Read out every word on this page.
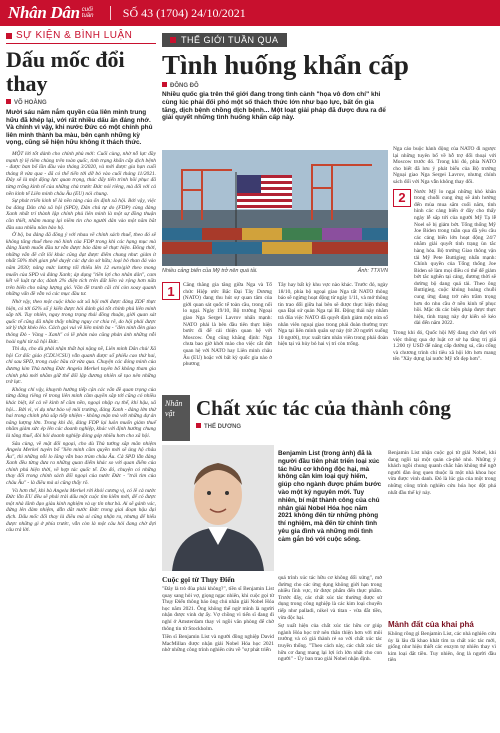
Nhân Dân cuối tuần	SỐ 43 (1704) 24/10/2021
SỰ KIỆN & BÌNH LUẬN
Dấu mốc đổi thay
VÕ HOÀNG
Mười sáu năm nắm quyền của liên minh trung hữu đã khép lại, với rất nhiều dấu ấn đáng nhớ. Và chính vì vậy, khi nước Đức có một chính phủ liên minh thành ba màu, bên cạnh những kỳ vọng, cũng sẽ hiện hữu không ít thách thức.

MỘT lời tốt dành cho chính phủ mới: Cuối cùng, nhờ nỗ lực đầy mạnh tỷ lệ tiêm chủng trên toàn quốc, tình trạng khẩn cấp dịch bệnh - được ban bố lần đầu vào tháng 3/2020, và mới được gia hạn cuối tháng 8 vừa qua - đã có thể tiến tới dỡ bỏ vào cuối tháng 11/2021. Đây sẽ là một động lực quan trọng, thúc đẩy tiến trình hồi phục đã từng trống kinh tế của những chủ trước Đức nói riêng, mà đối với cả nền kinh tế Liên minh châu Âu (EU) nói chung.

Sự phát triển kinh tế là nền tảng của ổn định xã hội. Bởi vậy, việc ba đảng Dân chủ xã hội (SPD), Dân chủ tự do (FDP) cùng đảng Xanh nhất trí thành lập chính phủ liên minh là một sự đồng thuận cần thiết, nhằm mang lại niềm tin cho người dân vào một năm bắt đầu sau nhiều năm bảo hộ.

Ở bộ, ba đảng đã đồng ý với nhau về chính sách thuế, theo đó sẽ không tăng thuế theo mô hình của FDP trong khi các hạng mục mà đảng Xanh muốn đầu tư vẫn được bảo đảm sẽ thực hiện. Đồng thời, những vấn đề cốt lõi khác cũng đạt được điểm chung như: giảm ít nhất 50% thời gian phê duyệt các dự án sở hữu; loại bỏ than đá vào năm 2030; nâng mức lương tối thiểu lên 12 euro/giờ theo mong muốn của SPD và đảng Xanh; áp dụng "tiền lợi cho nhân dân", cam kết về luật tự do; dành 2% diện tích trên đất liền và rộng hơn nữa trên biển cho năng lượng gió. Văn đề tranh cãi chỉ còn xoay quanh những vấn đề vẫn vá các mục đầu tư.

Nhờ vậy, theo một cuộc khảo sát xã hội mới được đảng ZDF thực hiện, có tới 62% số ý kiến được hỏi đánh giá tốt chính phủ liên minh sắp tới. Tuy nhiên, ngay trong trạng thái đồng thuận, giới quan sát quốc tế cũng đã nhận thấy những nguy cơ chia rẽ, do hội phải được xử lý thật khéo léo. Cách gọi vui về liên minh ba - "đèn ninh đèn giao thông Đỏ - Vàng - Xanh" có lẽ phản nào cũng phản ánh những nỗi hoài nghi từ xã hội Đức.

Thì dụ, cho dù phải nhận thất bại nặng nề, Liên minh Dân chủ/ Xã hội Cơ đốc giáo (CDU/CSU) vẫn quanh được số phiếu cao thứ hai, chỉ sau SPD, trong cuộc bầu cử vừa qua. Chuyện các đóng minh của đương kim Thủ tướng Đức Angela Merkel tuyên bố không tham gia chính phủ mới nhằm giữ thế đối lập đương nhiên sẽ tạo nên những trở lực.

Không chỉ vậy, khuynh hướng tiếp cận các vấn đề quan trọng của từng đảng riêng rẽ trong liên minh cầm quyền sắp tới cũng có nhiều khác biệt, kể cả về kinh tế cầm nền, ngoại nhập cụ thể, khí hậu, xã hội... Bởi vì, ví dụ như bảo vệ môi trường, đảng Xanh - đảng lớn thứ hai trong chính phủ sắp tiếp nhiệm - không mặn mà với những dự án năng lượng lớn. Trong khi đó, đảng FDP lại luôn muốn giảm thuế nhằm giảm sức ép lên các doanh nghiệp, khác với định hướng chung là tăng thuế, đòi hỏi doanh nghiệp đóng góp nhiều hơn cho xã hội.

Sâu cùng, về mặt đối ngoại, cho dù Thủ tướng sắp mãn nhiệm Angela Merkel tuyên bố "liên minh cầm quyền mới sẽ ủng hộ châu Âu", thì những nỗi lo lắng vẫn bao trùm châu Âu. Cả SPD lẫn đảng Xanh đều từng đưa ra những quan điểm khác so với quan điểm của chính phủ hiện thời, về hợp tác quốc tế. Do đó, chuyện có những thay đổi trong chính sách đối ngoại của nước Đức - "trái tim của châu Âu" - là điều mà ai cũng thấy rõ.

Và hơn thế, khi bà Angela Merkel rời khỏi cương vị, có lẽ cả nước Đức lẫn EU đều sẽ phải trải dấu một cuộc tìm kiếm mới, để có được một nhà lãnh đạo giàu kinh nghiệm và uy tín như bà. Ai sẽ gánh vác, đứng lên đảm nhiệm, dẫn dắt nước Đức trong giai đoạn hậu đại dịch. Dấu mốc đổi thay là điều mà ai cũng nhận ra, nhưng để hiểu được những gì ở phía trước, vẫn còn là một câu hỏi đang chờ đợi câu trả lời.

THẾ GIỚI TUẦN QUA
Tình huống khẩn cấp
ĐÔNG ĐÔ
Nhiều quốc gia trên thế giới đang trong tình cảnh "họa vô đơn chí" khi cùng lúc phải đối phó một số thách thức lớn như bạo lực, bất ổn gia tăng, dịch bệnh chồng dịch bệnh... Một loạt giải pháp đã được đưa ra để giải quyết những tình huống khẩn cấp này.
Nhiều cảng biển của Mỹ trở nên quá tải.	Ảnh: TTXVN
1	Căng thẳng gia tăng giữa Nga và Tổ chức Hiệp ước Bắc Đại Tây Dương (NATO) đang thu hút sự quan tâm của giới quan sát quốc tế toàn cầu, trong nối lo ngại. Ngày 19/10, Bộ trưởng Ngoại giao Nga Sergei Lavrov nhấn mạnh: NATO phải là bên đầu tiên thực hiện bước đi để cải thiện quan hệ với Moscow. Ông cũng khẳng định: Nga chưa bao giờ khởi mào cho việc cắt đứt quan hệ với NATO hay Liên minh châu Âu (EU) hoặc với bất kỳ quốc gia nào ở phương
Tây hay bất kỳ khu vực nào khác. Trước đó, ngày 18/10, phía bộ ngoại giao Nga tất NATO thông báo sẽ ngừng hoạt động từ ngày 1/11, và mở thông tin trao đổi giữa hai bên sẽ được thực hiện thông qua Đại sứ quán Nga tại Bỉ. Động thái này nhằm trả đũa việc NATO đã quyết định giảm một nửa số nhân viên ngoại giao trong phái đoàn thường trực Nga tại liên minh quân sự này (từ 20 người xuống 10 người), trục xuất tám nhân viên trong phái đoàn hiện tại và hủy bỏ hai vị trí còn trống.
Nga cáo buộc hành động của NATO đi ngược lại những tuyên bố về hỗ trợ đối thoại với Moscow trước đó. Trong khi đó, phía NATO cho biết đã lưu ý phát biểu của Bộ trưởng Ngoại giao Nga Sergei Lavrov, nhưng chính sách đối với Nga vẫn không thay đổi.
2	Nước Mỹ lo ngại những khó khăn trong chuỗi cung ứng sẽ ảnh hưởng đến mùa mua sắm cuối năm, tình hình các cảng biển ở đây cho thấy ngày lễ sắp tới của người Mỹ Tạ lễ Noel sẽ bị giảm bớt. Tổng thống Mỹ Joe Biden trong tuần qua đã yêu cầu các cảng biển lớn hoạt động 24/7 nhằm giải quyết tình trạng ùn tắc hàng hóa. Bộ trưởng Giao thông vận tải Mỹ Pete Buttigieg nhấn mạnh: Chính quyền của Tổng thống Joe Biden sẽ làm mọi điều có thể để giảm bớt tắc nghẽn tại cảng, đương thời sẽ dường bộ dang quá tải. Theo ông Buttigieg, cuộc khủng hoảng chuỗi cung ứng đang trở nên trầm trọng hơn do nhu cầu ở nền kinh tế phục hồi. Mặc dù các biện pháp được thực hiện, tình trạng này dự kiến sẽ kéo dài đến năm 2022.
Trong khi đó, Quốc hội Mỹ đang chờ đợi với việc thông qua dự luật cơ sở hạ tầng trị giá 1.200 tỷ USD để nâng cấp đường sá, cầu cống và chương trình chi tiêu xã hội lớn hơn mang tên "Xây dựng lại nước Mỹ tốt đẹp hơn".
Nhân vật	Chất xúc tác của thành công
THẾ DƯƠNG
Benjamin List (trong ảnh) đã là người đầu tiên phát triển loại xúc tác hữu cơ không độc hại, mà không cần kim loại quý hiếm, giúp cho ngành được phẩm bước vào một kỷ nguyên mới. Tuy nhiên, bí mật thành công của chủ nhân giải Nobel Hóa học năm 2021 không đến từ những phòng thí nghiệm, mà đến từ chính tình yêu gia đình và những mối tình cảm gắn bó với cuộc sống.
Benjamin List nhận cuộc gọi từ giải Nobel, khi đang ngồi tại một quán cà-phê nhỏ. Những ý khách ngồi chung quanh chắc hẳn không thể ngờ người đàn ông quen thuộc là một nhà khoa học vừa được vinh danh. Đó là lúc gia của một trong những công trình nghiên cứu hóa học đột phá nhất đầu thế kỷ này.
Cuộc gọi từ Thụy Điển
"Đây là trò đùa phải không?", tiền sĩ Benjamin List quay sang hỏi vợ, giọng ngạc nhiên, khi cuộc gọi từ Thụy Điển thông báo ông chủ nhân giải Nobel Hóa học năm 2021. Ông không thể ngờ mình là người nhận được vinh dự ấy. Vợ chồng vì tiến sĩ đang đi nghỉ ở Amsterdam thay vì ngồi văn phòng để chờ thông tin từ Stockholm.
Tiền sĩ Benjamin List và người đồng nghiệp David MacMillan được nhận giải Nobel Hóa học 2021 nhờ những công trình nghiên cứu về "sự phát triển
quá trình xúc tác hữu cơ không đối xứng", mở đường cho các ứng dụng không giới hạn trong nhiều lĩnh vực, từ được phẩm đến thực phẩm. Trước đây, các chất xúc tác thường được sử dụng trong công nghiệp là các kim loại chuyển tiếp như palladi, nikel và titan - vừa đắt tiền, vừa độc hại.
Sự xuất hiện của chất xúc tác hữu cơ giúp ngành Hóa học trở nên thân thiện hơn với môi trường và có giá thành rẻ so với chất xúc tác truyền thống. "Theo cách này, các chất xúc tác hữu cơ đang mang lại lợi ích lớn nhất cho con người" - Ủy ban trao giải Nobel nhận định.
Mảnh đất của khai phá
Không rõng gì Benjamin List, các nhà nghiên cứu ủy là lâu đã khao khát tìm ra chất xúc tác mới, giống như hiệu thiết các enzym tự nhiên thay vì kim loại đắt tiền. Tuy nhiên, ông là người đầu tiên
